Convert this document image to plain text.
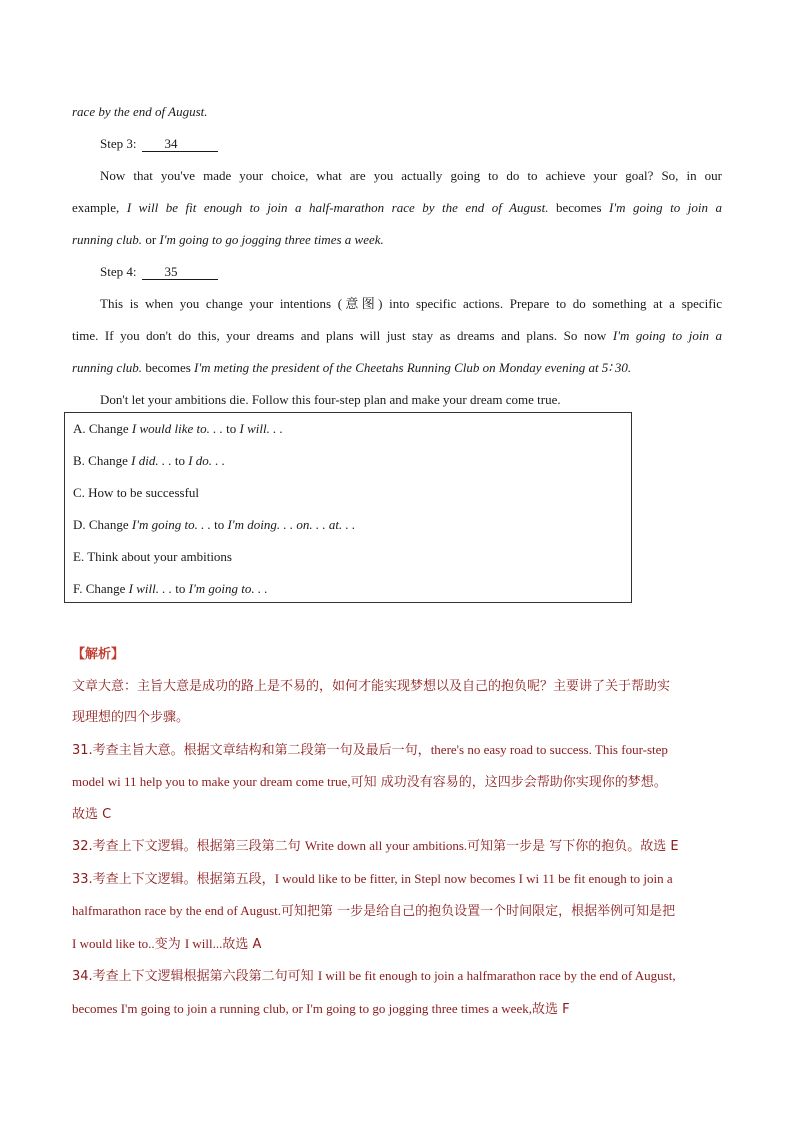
race by the end of August.
Step 3: 34
Now that you've made your choice, what are you actually going to do to achieve your goal? So, in our
example, I will be fit enough to join a half-marathon race by the end of August. becomes I'm going to join a
running club. or I'm going to go jogging three times a week.
Step 4: 35
This is when you change your intentions (意图) into specific actions. Prepare to do something at a specific
time. If you don't do this, your dreams and plans will just stay as dreams and plans. So now I'm going to join a
running club. becomes I'm meting the president of the Cheetahs Running Club on Monday evening at 5∶ 30.
Don't let your ambitions die. Follow this four-step plan and make your dream come true.
A. Change I would like to. . . to I will. . .
B. Change I did. . . to I do. . .
C. How to be successful
D. Change I'm going to. . . to I'm doing. . . on. . . at. . .
E. Think about your ambitions
F. Change I will. . . to I'm going to. . .
【解析】
文章大意：主旨大意是成功的路上是不易的，如何才能实现梦想以及自己的抱负呢？主要讲了关于帮助实
现理想的四个步骤。
31.考查主旨大意。根据文章结构和第二段第一句及最后一句，there's no easy road to success. This four-step
model wi 11 help you to make your dream come true,可知 成功没有容易的，这四步会帮助你实现你的梦想。
故选 C
32.考查上下文逻辑。根据第三段第二句 Write down all your ambitions.可知第一步是 写下你的抱负。故选 E
33.考查上下文逻辑。根据第五段，I would like to be fitter, in Stepl now becomes I wi 11 be fit enough to join a
halfmarathon race by the end of August.可知把第 一步是给自己的抱负设置一个时间限定，根据举例可知是把
I would like to..变为 I will...故选 A
34.考查上下文逻辑根据第六段第二句可知 I will be fit enough to join a halfmarathon race by the end of August,
becomes I'm going to join a running club, or I'm going to go jogging three times a week,故选 F
